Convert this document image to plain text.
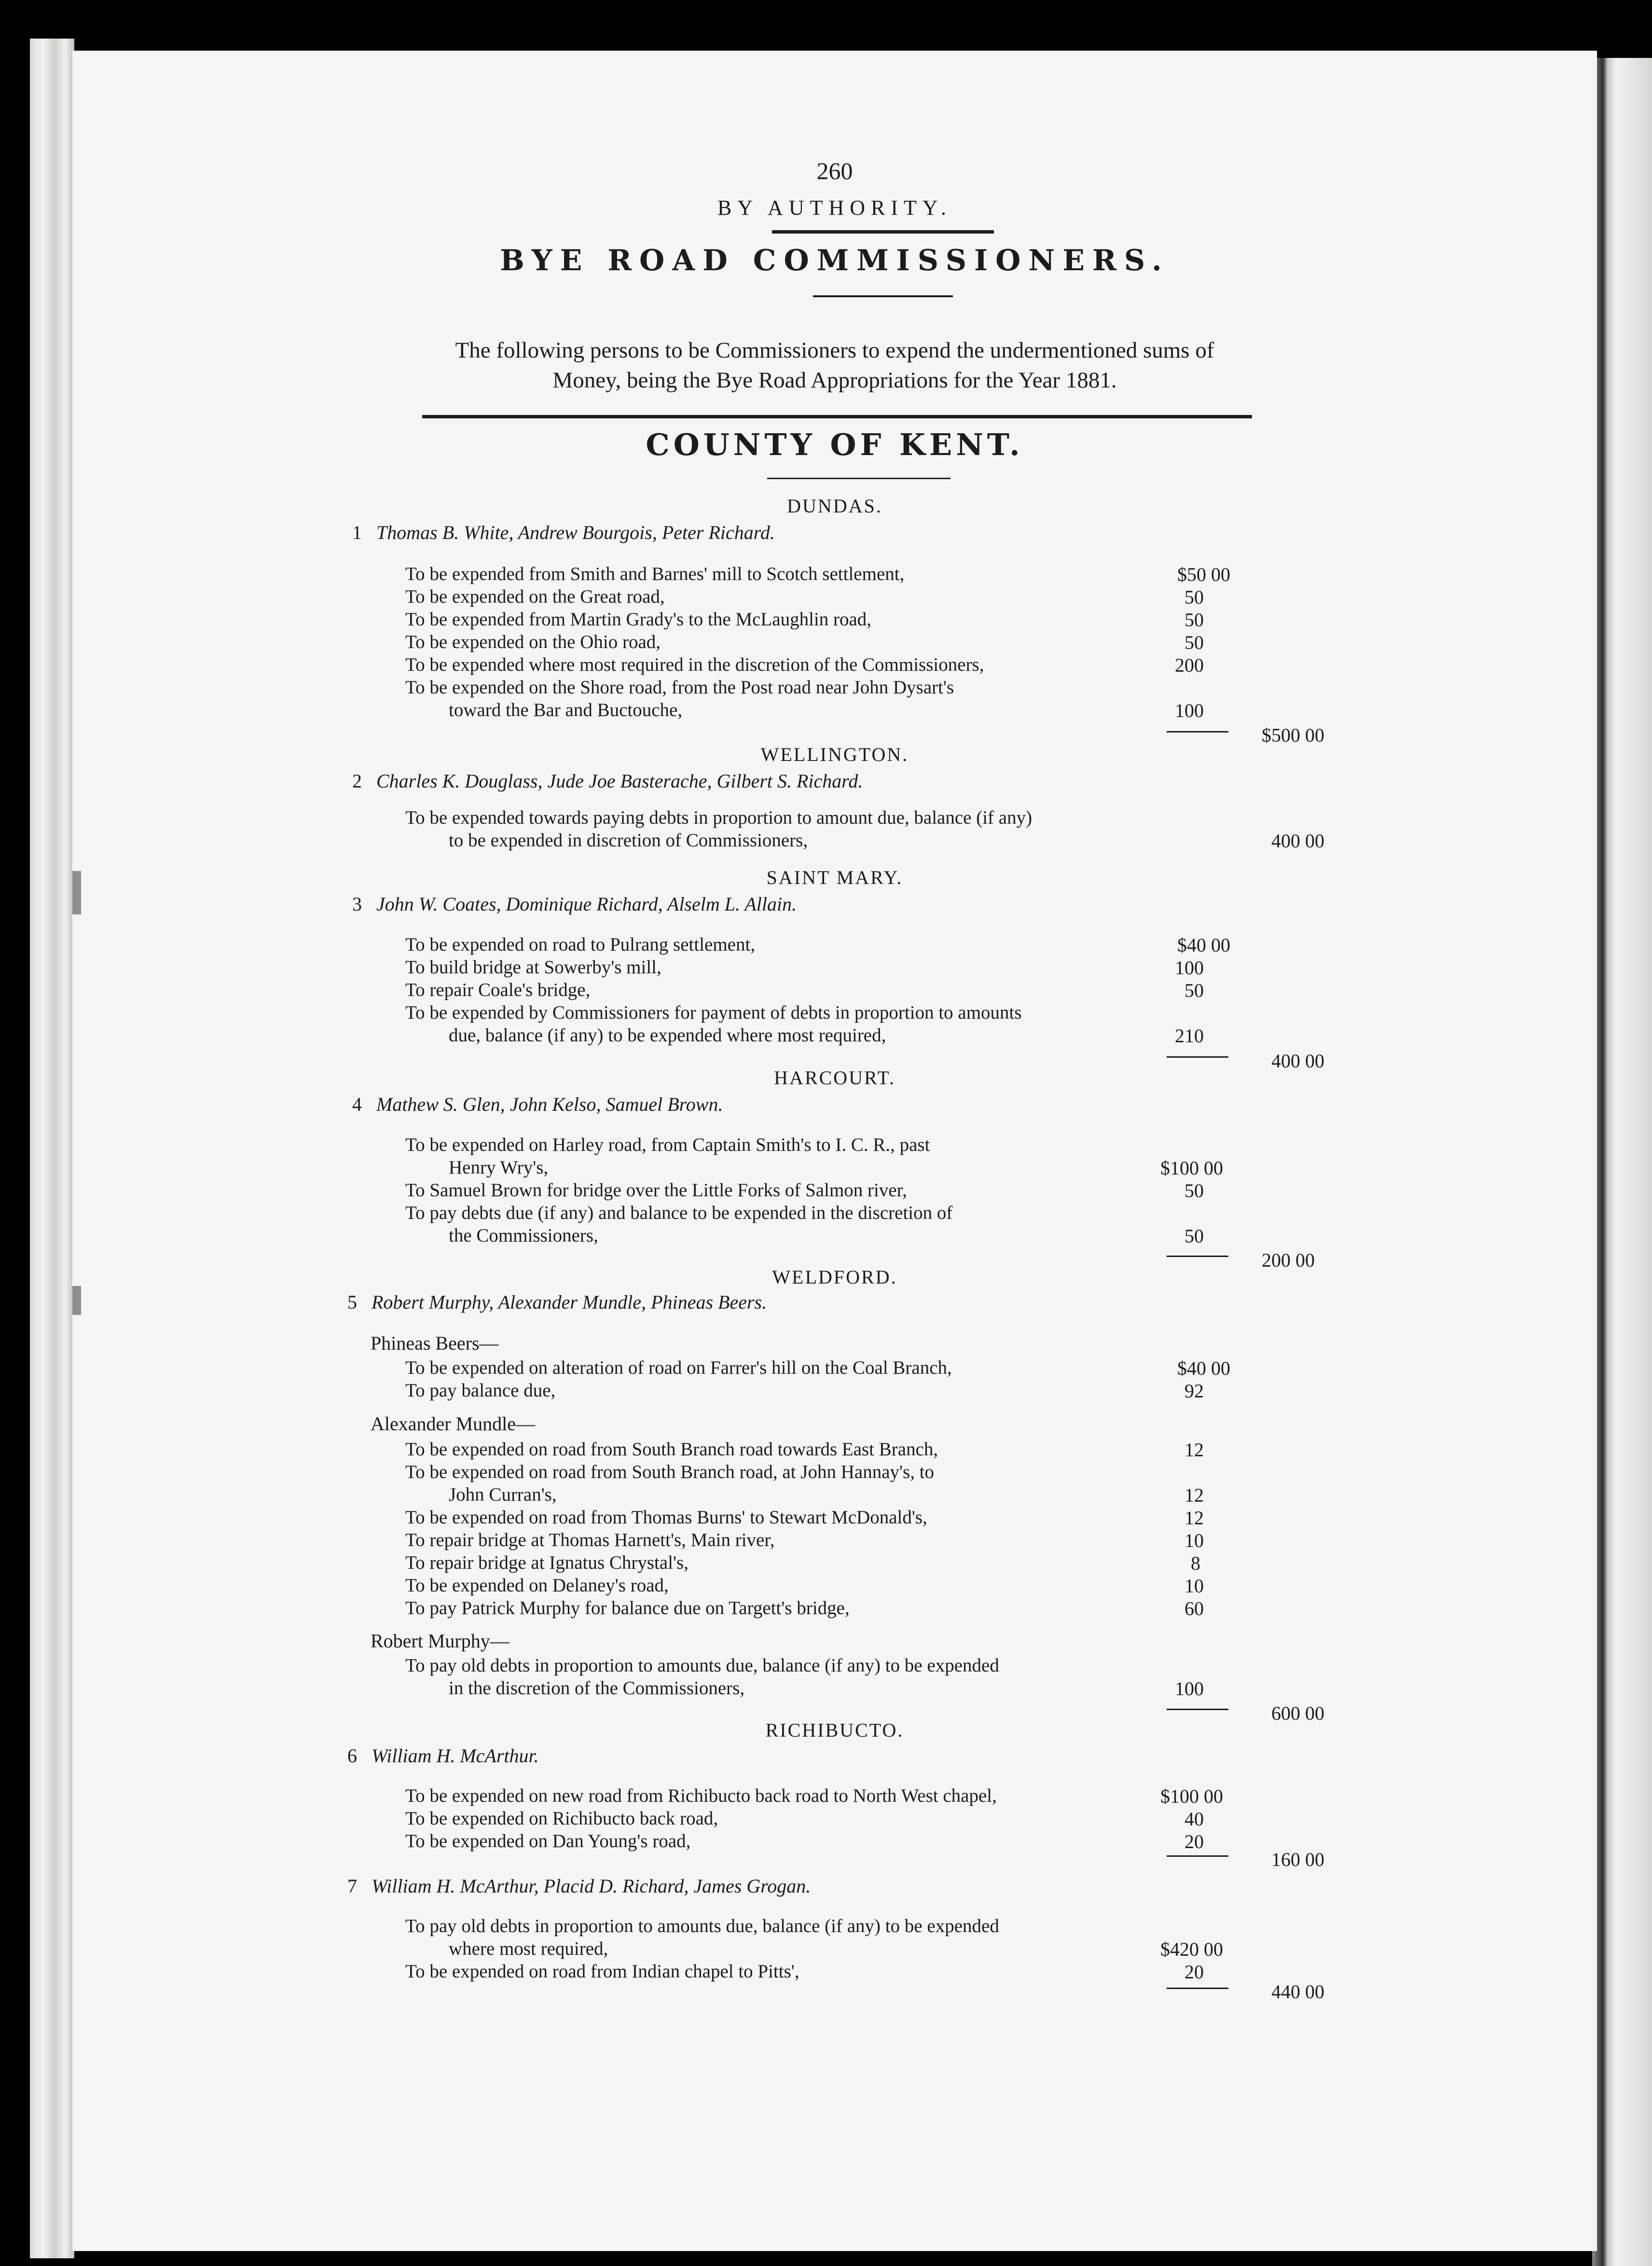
260
BY AUTHORITY.
BYE ROAD COMMISSIONERS.
The following persons to be Commissioners to expend the undermentioned sums of
Money, being the Bye Road Appropriations for the Year 1881.
COUNTY OF KENT.
DUNDAS.
1 Thomas B. White, Andrew Bourgois, Peter Richard.
To be expended from Smith and Barnes' mill to Scotch settlement,	$50 00
To be expended on the Great road,	50
To be expended from Martin Grady's to the McLaughlin road,	50
To be expended on the Ohio road,	50
To be expended where most required in the discretion of the Commissioners,	200
To be expended on the Shore road, from the Post road near John Dysart's
toward the Bar and Buctouche,	100
$500 00
WELLINGTON.
2 Charles K. Douglass, Jude Joe Basterache, Gilbert S. Richard.
To be expended towards paying debts in proportion to amount due, balance (if any)
to be expended in discretion of Commissioners,	400 00
SAINT MARY.
3 John W. Coates, Dominique Richard, Alselm L. Allain.
To be expended on road to Pulrang settlement,	$40 00
To build bridge at Sowerby's mill,	100
To repair Coale's bridge,	50
To be expended by Commissioners for payment of debts in proportion to amounts
due, balance (if any) to be expended where most required,	210
400 00
HARCOURT.
4 Mathew S. Glen, John Kelso, Samuel Brown.
To be expended on Harley road, from Captain Smith's to I. C. R., past
Henry Wry's,	$100 00
To Samuel Brown for bridge over the Little Forks of Salmon river,	50
To pay debts due (if any) and balance to be expended in the discretion of
the Commissioners,	50
200 00
WELDFORD.
5 Robert Murphy, Alexander Mundle, Phineas Beers.
Phineas Beers—
To be expended on alteration of road on Farrer's hill on the Coal Branch,	$40 00
To pay balance due,	92
Alexander Mundle—
To be expended on road from South Branch road towards East Branch,	12
To be expended on road from South Branch road, at John Hannay's, to
John Curran's,	12
To be expended on road from Thomas Burns' to Stewart McDonald's,	12
To repair bridge at Thomas Harnett's, Main river,	10
To repair bridge at Ignatus Chrystal's,	8
To be expended on Delaney's road,	10
To pay Patrick Murphy for balance due on Targett's bridge,	60
Robert Murphy—
To pay old debts in proportion to amounts due, balance (if any) to be expended
in the discretion of the Commissioners,	100
600 00
RICHIBUCTO.
6 William H. McArthur.
To be expended on new road from Richibucto back road to North West chapel,	$100 00
To be expended on Richibucto back road,	40
To be expended on Dan Young's road,	20
160 00
7 William H. McArthur, Placid D. Richard, James Grogan.
To pay old debts in proportion to amounts due, balance (if any) to be expended
where most required,	$420 00
To be expended on road from Indian chapel to Pitts',	20
440 00
